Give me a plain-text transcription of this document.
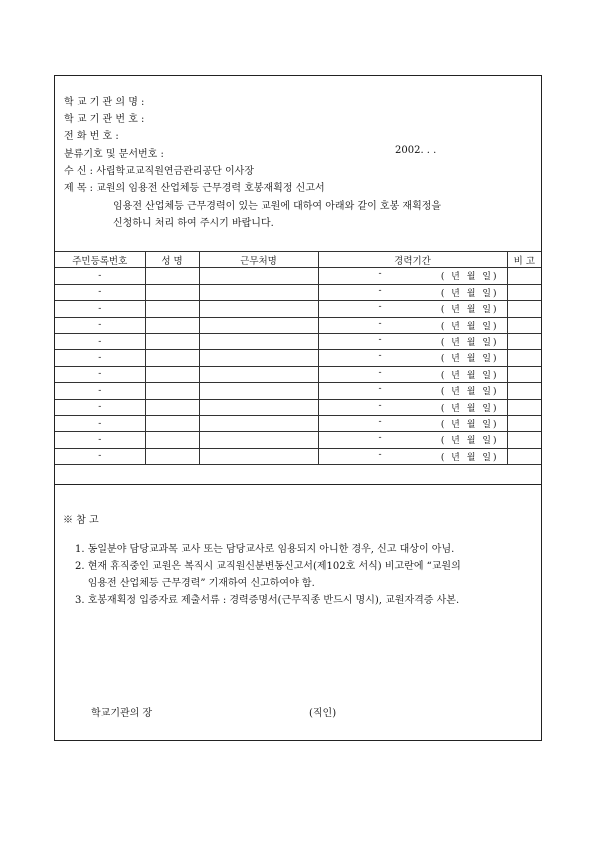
학 교 기 관 의 명 :
학 교 기 관 번 호 :
전 화 번 호 :
분류기호 및 문서번호 :	2002. . .
수 신 : 사립학교교직원연금관리공단 이사장
제 목 : 교원의 임용전 산업체등 근무경력 호봉재획정 신고서
임용전 산업체등 근무경력이 있는 교원에 대하여 아래와 같이 호봉 재획정을
신청하니 처리 하여 주시기 바랍니다.
주민등록번호	성 명	근무처명	경력기간	비 고
-			- ( 년 월 일)	

-			- ( 년 월 일)	

-			- ( 년 월 일)	

-			- ( 년 월 일)	

-			- ( 년 월 일)	

-			- ( 년 월 일)	

-			- ( 년 월 일)	

-			- ( 년 월 일)	

-			- ( 년 월 일)	

-			- ( 년 월 일)	

-			- ( 년 월 일)	

-			- ( 년 월 일)	

※ 참 고
1. 동일분야 담당교과목 교사 또는 담당교사로 임용되지 아니한 경우, 신고 대상이 아님.
2. 현재 휴직중인 교원은 복직시 교직원신분변동신고서(제102호 서식) 비고란에 “교원의
임용전 산업체등 근무경력” 기재하여 신고하여야 함.
3. 호봉재획정 입증자료 제출서류 : 경력증명서(근무직종 반드시 명시), 교원자격증 사본.
학교기관의 장	(직인)
